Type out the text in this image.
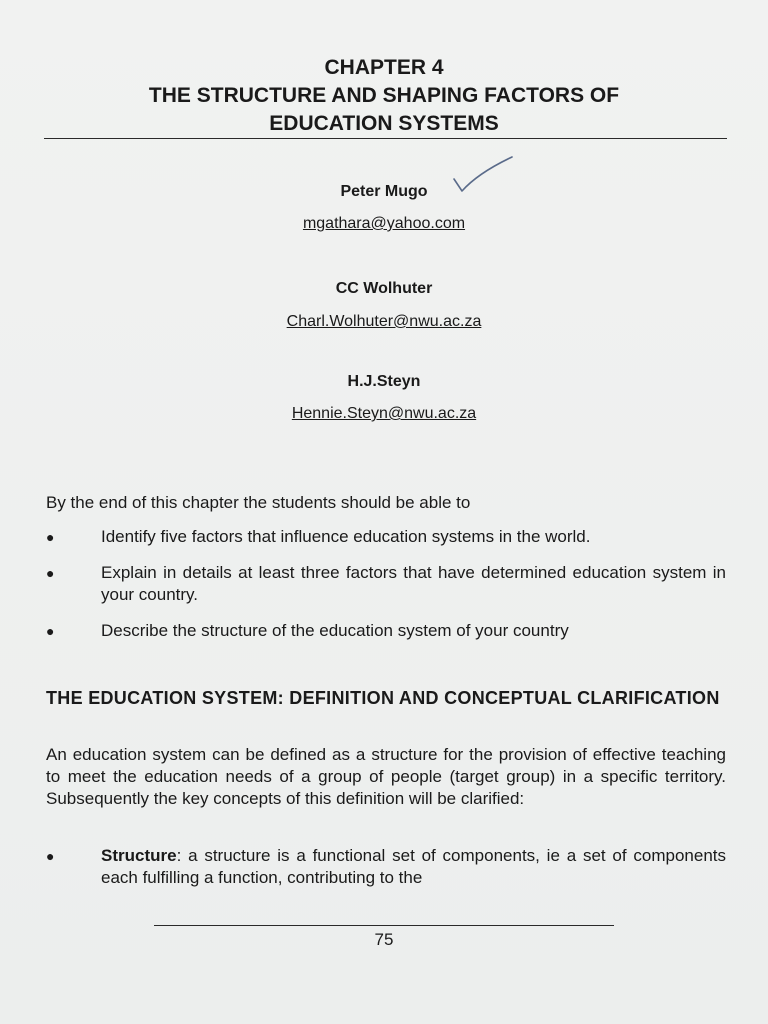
CHAPTER 4
THE STRUCTURE AND SHAPING FACTORS OF
EDUCATION SYSTEMS
Peter Mugo
mgathara@yahoo.com
CC Wolhuter
Charl.Wolhuter@nwu.ac.za
H.J.Steyn
Hennie.Steyn@nwu.ac.za
By the end of this chapter the students should be able to
●	Identify five factors that influence education systems in the world.
●	Explain in details at least three factors that have determined education system in your country.
●	Describe the structure of the education system of your country
THE EDUCATION SYSTEM: DEFINITION AND CONCEPTUAL CLARIFICATION
An education system can be defined as a structure for the provision of effective teaching to meet the education needs of a group of people (target group) in a specific territory. Subsequently the key concepts of this definition will be clarified:
●	Structure: a structure is a functional set of components, ie a set of components each fulfilling a function, contributing to the
75
